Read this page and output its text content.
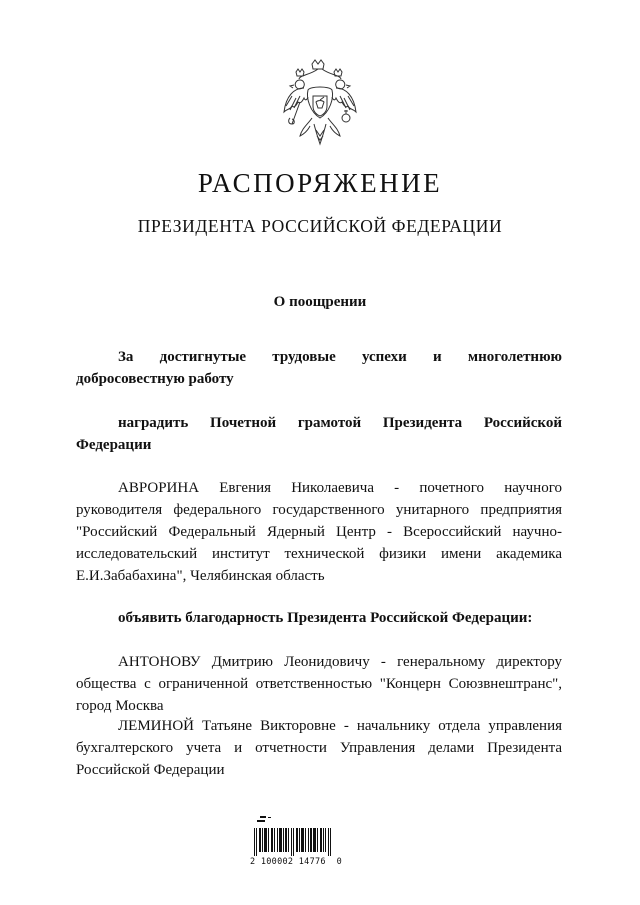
РАСПОРЯЖЕНИЕ
ПРЕЗИДЕНТА РОССИЙСКОЙ ФЕДЕРАЦИИ
О поощрении

За достигнутые трудовые успехи и многолетнюю добросовестную работу

наградить Почетной грамотой Президента Российской Федерации

АВРОРИНА Евгения Николаевича - почетного научного руководителя федерального государственного унитарного предприятия "Российский Федеральный Ядерный Центр - Всероссийский научно-исследовательский институт технической физики имени академика Е.И.Забабахина", Челябинская область

объявить благодарность Президента Российской Федерации:

АНТОНОВУ Дмитрию Леонидовичу - генеральному директору общества с ограниченной ответственностью "Концерн Союзвнештранс", город Москва

ЛЕМИНОЙ Татьяне Викторовне - начальнику отдела управления бухгалтерского учета и отчетности Управления делами Президента Российской Федерации

2 100002 14776  0
